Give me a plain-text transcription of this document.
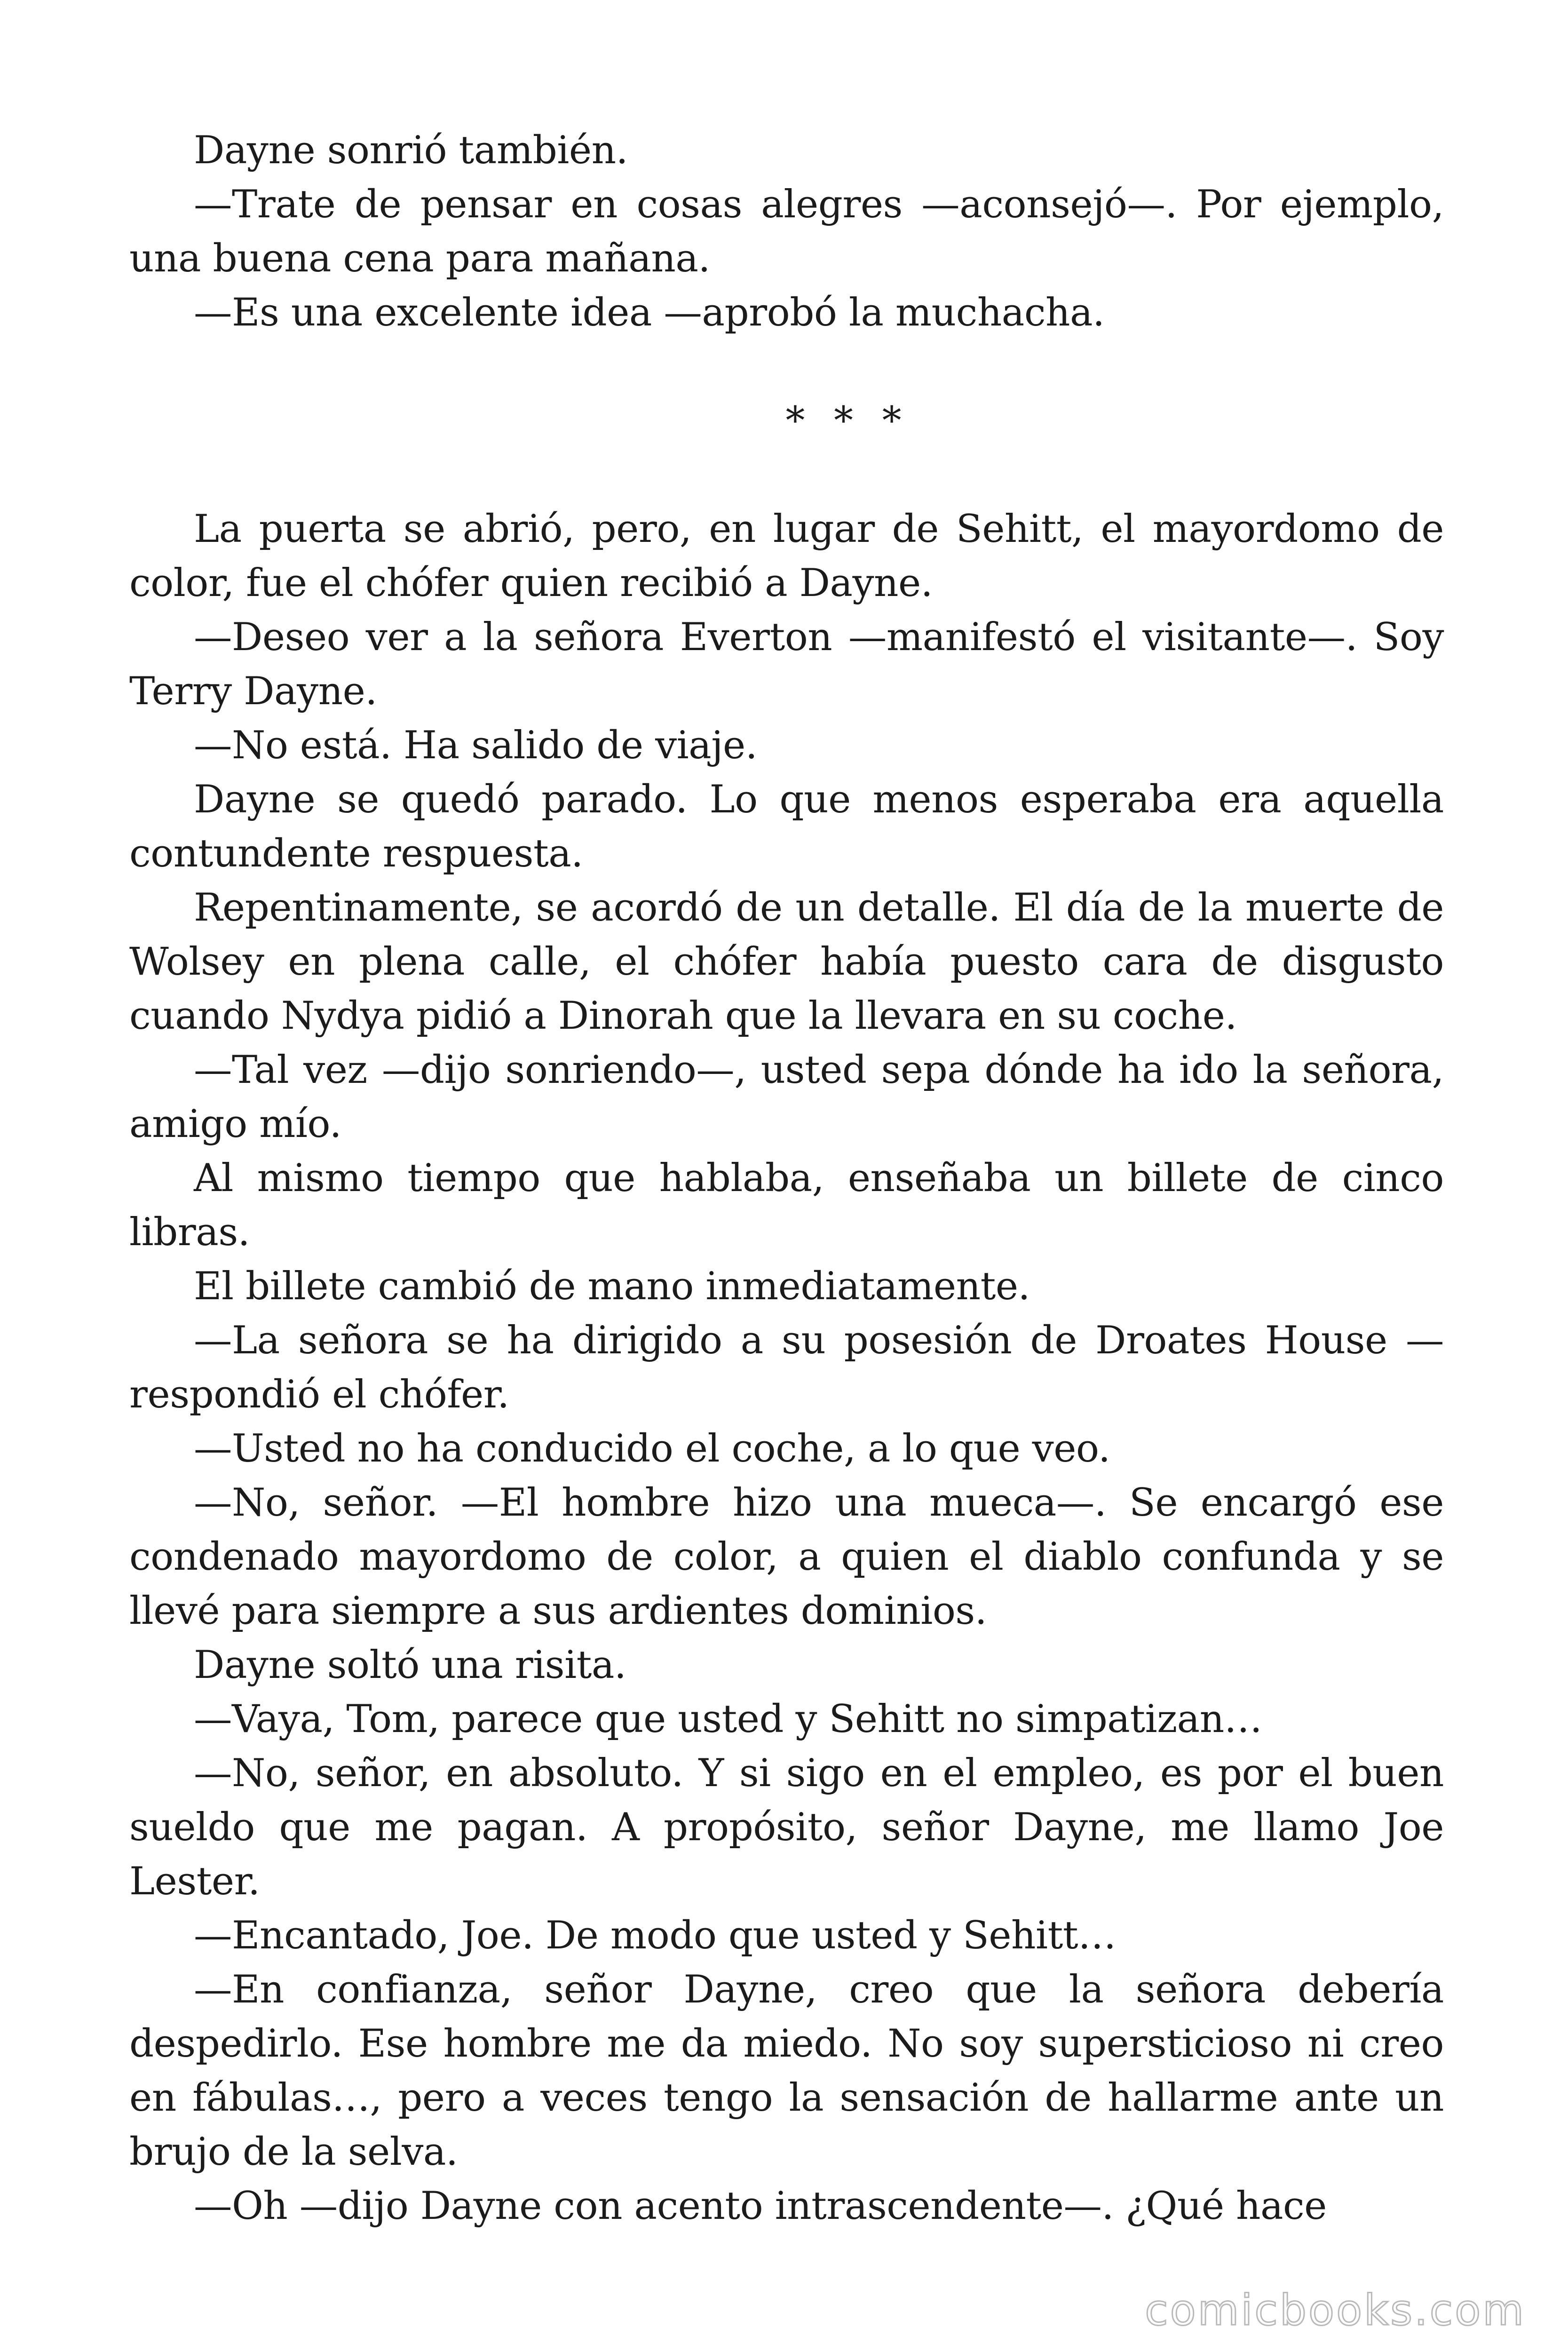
Dayne sonrió también.

—Trate de pensar en cosas alegres —aconsejó—. Por ejemplo, una buena cena para mañana.

—Es una excelente idea —aprobó la muchacha.

* * *

La puerta se abrió, pero, en lugar de Sehitt, el mayordomo de color, fue el chófer quien recibió a Dayne.

—Deseo ver a la señora Everton —manifestó el visitante—. Soy Terry Dayne.

—No está. Ha salido de viaje.

Dayne se quedó parado. Lo que menos esperaba era aquella contundente respuesta.

Repentinamente, se acordó de un detalle. El día de la muerte de Wolsey en plena calle, el chófer había puesto cara de disgusto cuando Nydya pidió a Dinorah que la llevara en su coche.

—Tal vez —dijo sonriendo—, usted sepa dónde ha ido la señora, amigo mío.

Al mismo tiempo que hablaba, enseñaba un billete de cinco libras.

El billete cambió de mano inmediatamente.

—La señora se ha dirigido a su posesión de Droates House —respondió el chófer.

—Usted no ha conducido el coche, a lo que veo.

—No, señor. —El hombre hizo una mueca—. Se encargó ese condenado mayordomo de color, a quien el diablo confunda y se llevé para siempre a sus ardientes dominios.

Dayne soltó una risita.

—Vaya, Tom, parece que usted y Sehitt no simpatizan…

—No, señor, en absoluto. Y si sigo en el empleo, es por el buen sueldo que me pagan. A propósito, señor Dayne, me llamo Joe Lester.

—Encantado, Joe. De modo que usted y Sehitt…

—En confianza, señor Dayne, creo que la señora debería despedirlo. Ese hombre me da miedo. No soy supersticioso ni creo en fábulas…, pero a veces tengo la sensación de hallarme ante un brujo de la selva.

—Oh —dijo Dayne con acento intrascendente—. ¿Qué hace

comicbooks.com
